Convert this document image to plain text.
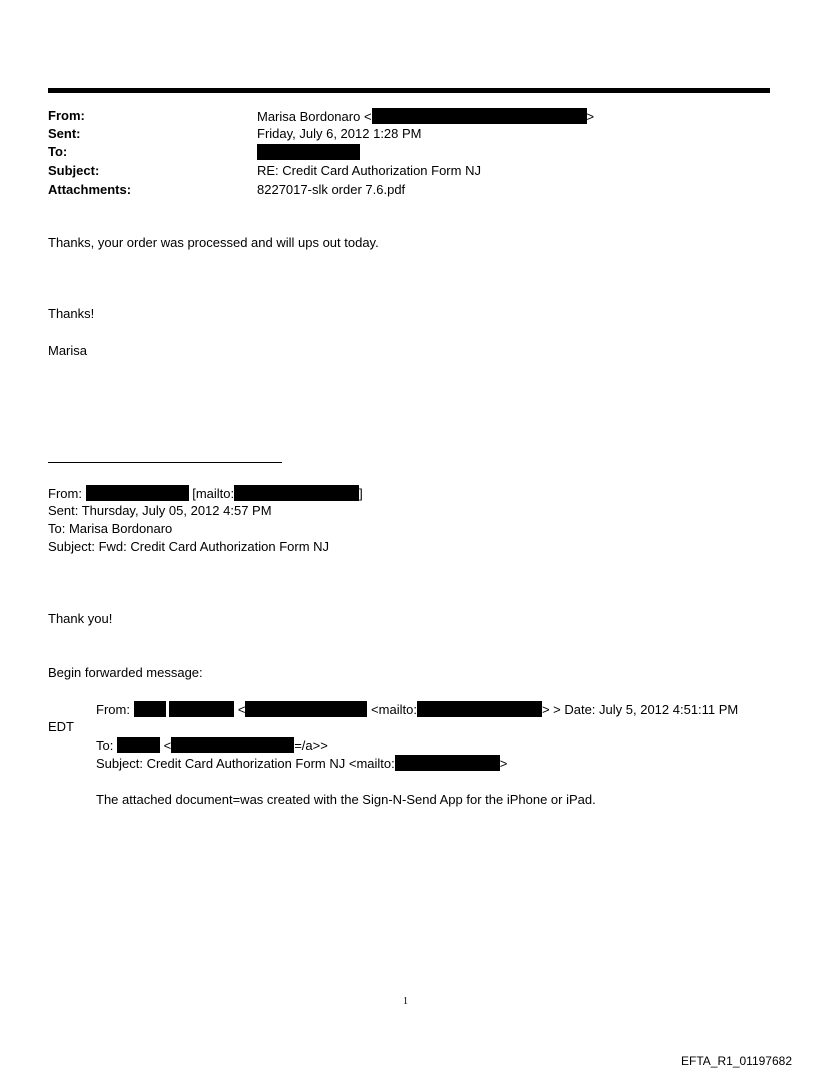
From:	Marisa Bordonaro <	>
Sent:	Friday, July 6, 2012 1:28 PM
To:
Subject:	RE: Credit Card Authorization Form NJ
Attachments:	8227017-slk order 7.6.pdf
Thanks, your order was processed and will ups out today.
Thanks!
Marisa
From:	[mailto:	]
Sent: Thursday, July 05, 2012 4:57 PM
To: Marisa Bordonaro
Subject: Fwd: Credit Card Authorization Form NJ
Thank you!
Begin forwarded message:
From:	<	<mailto:	> > Date: July 5, 2012 4:51:11 PM
EDT
To:	<	=/a>>
Subject: Credit Card Authorization Form NJ <mailto:	>
The attached document=was created with the Sign-N-Send App for the iPhone or iPad.
1
EFTA_R1_01197682
